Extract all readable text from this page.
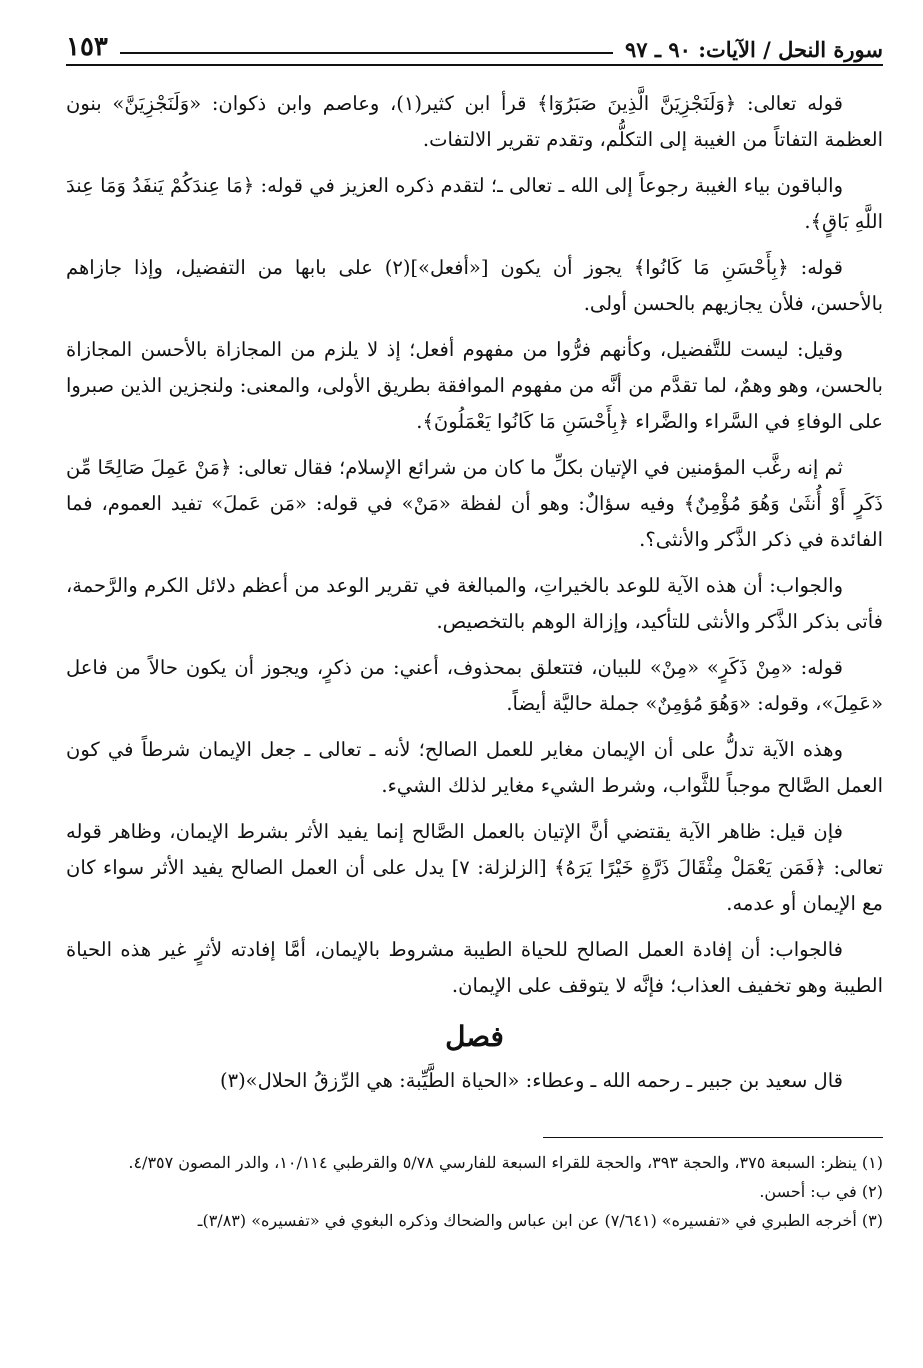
سورة النحل / الآيات: ٩٠ ـ ٩٧
١٥٣

قوله تعالى: ﴿وَلَنَجْزِيَنَّ الَّذِينَ صَبَرُوٓا﴾ قرأ ابن كثير(١)، وعاصم وابن ذكوان: «وَلَنَجْزِيَنَّ» بنون العظمة التفاتاً من الغيبة إلى التكلُّم، وتقدم تقرير الالتفات.

والباقون بياء الغيبة رجوعاً إلى الله ـ تعالى ـ؛ لتقدم ذكره العزيز في قوله: ﴿مَا عِندَكُمْ يَنفَدُ وَمَا عِندَ اللَّهِ بَاقٍ﴾.

قوله: ﴿بِأَحْسَنِ مَا كَانُوا﴾ يجوز أن يكون [«أفعل»](٢) على بابها من التفضيل، وإذا جازاهم بالأحسن، فلأن يجازيهم بالحسن أولى.

وقيل: ليست للتَّفضيل، وكأنهم فرُّوا من مفهوم أفعل؛ إذ لا يلزم من المجازاة بالأحسن المجازاة بالحسن، وهو وهمٌ، لما تقدَّم من أنَّه من مفهوم الموافقة بطريق الأولى، والمعنى: ولنجزين الذين صبروا على الوفاءِ في السَّراء والضَّراء ﴿بِأَحْسَنِ مَا كَانُوا يَعْمَلُونَ﴾.

ثم إنه رغَّب المؤمنين في الإتيان بكلِّ ما كان من شرائع الإسلام؛ فقال تعالى: ﴿مَنْ عَمِلَ صَالِحًا مِّن ذَكَرٍ أَوْ أُنثَىٰ وَهُوَ مُؤْمِنٌ﴾ وفيه سؤالٌ: وهو أن لفظة «مَنْ» في قوله: «مَن عَملَ» تفيد العموم، فما الفائدة في ذكر الذَّكر والأنثى؟.

والجواب: أن هذه الآية للوعد بالخيراتِ، والمبالغة في تقرير الوعد من أعظم دلائل الكرم والرَّحمة، فأتى بذكر الذَّكر والأنثى للتأكيد، وإزالة الوهم بالتخصيص.

قوله: «مِنْ ذَكَرٍ» «مِنْ» للبيان، فتتعلق بمحذوف، أعني: من ذكرٍ، ويجوز أن يكون حالاً من فاعل «عَمِلَ»، وقوله: «وَهُوَ مُؤمِنٌ» جملة حاليَّة أيضاً.

وهذه الآية تدلُّ على أن الإيمان مغاير للعمل الصالح؛ لأنه ـ تعالى ـ جعل الإيمان شرطاً في كون العمل الصَّالح موجباً للثَّواب، وشرط الشيء مغاير لذلك الشيء.

فإن قيل: ظاهر الآية يقتضي أنَّ الإتيان بالعمل الصَّالح إنما يفيد الأثر بشرط الإيمان، وظاهر قوله تعالى: ﴿فَمَن يَعْمَلْ مِثْقَالَ ذَرَّةٍ خَيْرًا يَرَهُ﴾ [الزلزلة: ٧] يدل على أن العمل الصالح يفيد الأثر سواء كان مع الإيمان أو عدمه.

فالجواب: أن إفادة العمل الصالح للحياة الطيبة مشروط بالإيمان، أمَّا إفادته لأثرٍ غير هذه الحياة الطيبة وهو تخفيف العذاب؛ فإنَّه لا يتوقف على الإيمان.

فصل

قال سعيد بن جبير ـ رحمه الله ـ وعطاء: «الحياة الطَّيِّبة: هي الرِّزقُ الحلال»(٣)

(١) ينظر: السبعة ٣٧٥، والحجة ٣٩٣، والحجة للقراء السبعة للفارسي ٥/٧٨ والقرطبي ١٠/١١٤، والدر المصون ٤/٣٥٧.

(٢) في ب: أحسن.

(٣) أخرجه الطبري في «تفسيره» (٧/٦٤١) عن ابن عباس والضحاك وذكره البغوي في «تفسيره» (٣/٨٣)ـ
